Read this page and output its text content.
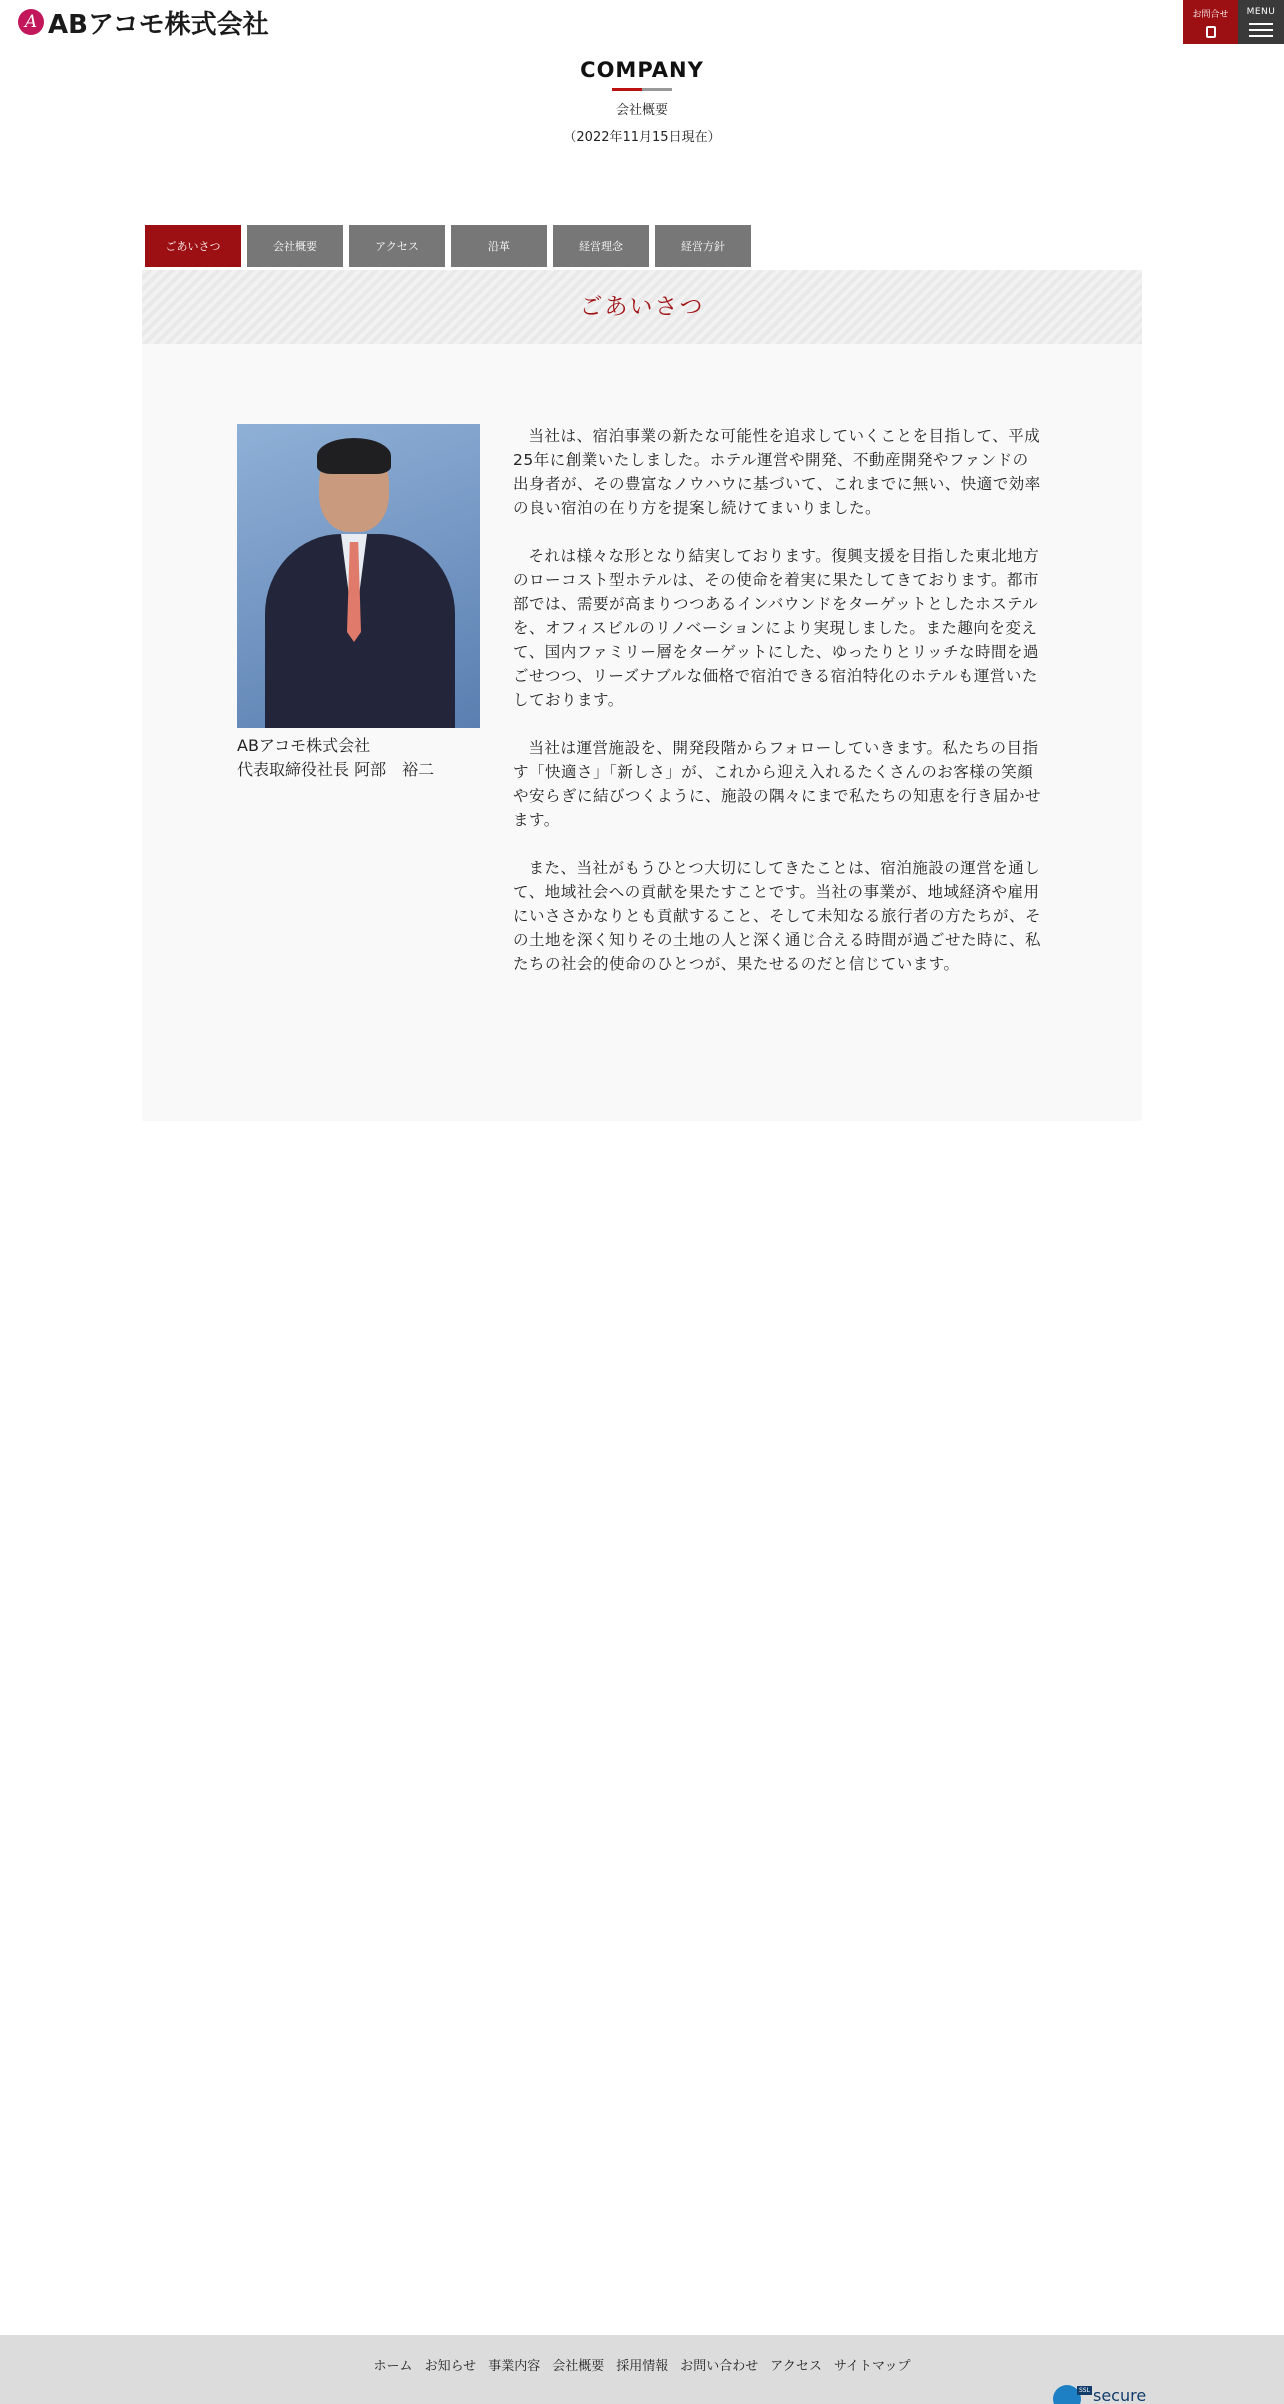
A ABアコモ株式会社	お問合せ	MENU
COMPANY
会社概要
（2022年11月15日現在）
ごあいさつ	会社概要	アクセス	沿革	経営理念	経営方針
ごあいさつ
ABアコモ株式会社
代表取締役社長 阿部　裕二

当社は、宿泊事業の新たな可能性を追求していくことを目指して、平成25年に創業いたしました。ホテル運営や開発、不動産開発やファンドの出身者が、その豊富なノウハウに基づいて、これまでに無い、快適で効率の良い宿泊の在り方を提案し続けてまいりました。

それは様々な形となり結実しております。復興支援を目指した東北地方のローコスト型ホテルは、その使命を着実に果たしてきております。都市部では、需要が高まりつつあるインバウンドをターゲットとしたホステルを、オフィスビルのリノベーションにより実現しました。また趣向を変えて、国内ファミリー層をターゲットにした、ゆったりとリッチな時間を過ごせつつ、リーズナブルな価格で宿泊できる宿泊特化のホテルも運営いたしております。

当社は運営施設を、開発段階からフォローしていきます。私たちの目指す「快適さ」「新しさ」が、これから迎え入れるたくさんのお客様の笑顔や安らぎに結びつくように、施設の隅々にまで私たちの知恵を行き届かせます。

また、当社がもうひとつ大切にしてきたことは、宿泊施設の運営を通して、地域社会への貢献を果たすことです。当社の事業が、地域経済や雇用にいささかなりとも貢献すること、そして未知なる旅行者の方たちが、その土地を深く知りその土地の人と深く通じ合える時間が過ごせた時に、私たちの社会的使命のひとつが、果たせるのだと信じています。

ホーム お知らせ 事業内容 会社概要 採用情報 お問い合わせ アクセス サイトマップ
SSL secure
